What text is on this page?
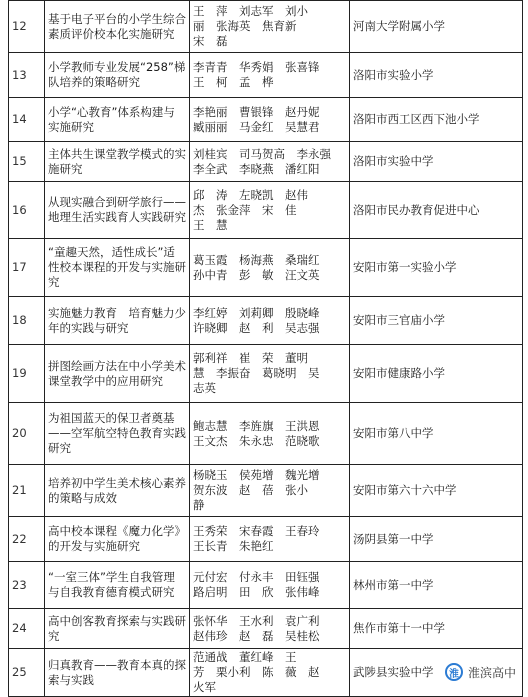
12	基于电子平台的小学生综合素质评价校本化实施研究	王　萍　刘志军　刘小
丽　张海英　焦育新
宋　磊	河南大学附属小学
13	小学教师专业发展“258”梯队培养的策略研究	李青青　华秀娟　张喜锋
王　柯　孟　桦	洛阳市实验小学
14	小学“心教育”体系构建与实施研究	李艳丽　曹银锋　赵丹妮
臧丽丽　马金红　吴慧君	洛阳市西工区西下池小学
15	主体共生课堂教学模式的实施研究	刘桂宾　司马贺高　李永强
李全武　李晓燕　潘红阳	洛阳市实验中学
16	从现实融合到研学旅行——地理生活实践育人实践研究	邱　涛　左晓凯　赵伟
杰　张金萍　宋　佳
王　慧	洛阳市民办教育促进中心
17	“童趣天然，适性成长”适性校本课程的开发与实施研究	葛玉霞　杨海燕　桑瑞红
孙中青　彭　敏　汪文英	安阳市第一实验小学
18	实施魅力教育　培育魅力少年的实践与研究	李红婷　刘莉卿　殷晓峰
许晓卿　赵　利　吴志强	安阳市三官庙小学
19	拼图绘画方法在中小学美术课堂教学中的应用研究	郭利祥　崔　荣　董明
慧　李振奋　葛晓明　吴
志英	安阳市健康路小学
20	为祖国蓝天的保卫者奠基——空军航空特色教育实践研究	鲍志慧　李旌旗　王洪恩
王文杰　朱永忠　范晓歌	安阳市第八中学
21	培养初中学生美术核心素养的策略与成效	杨晓玉　侯苑增　魏光增
贺东波　赵　蓓　张小
静	安阳市第六十六中学
22	高中校本课程《魔力化学》的开发与实施研究	王秀荣　宋春霞　王春玲
王长青　朱艳红	汤阴县第一中学
23	“一室三体”学生自我管理与自我教育德育模式研究	元付宏　付永丰　田钰强
路启明　田　欣　张伟峰	林州市第一中学
24	高中创客教育探索与实践研究	张怀华　王水利　袁广利
赵伟珍　赵　磊　吴桂松	焦作市第十一中学
25	归真教育——教育本真的探索与实践	范通战　董红峰　王
芳　栗小利　陈　薇　赵
火军	武陟县实验中学	淮 淮滨高中
